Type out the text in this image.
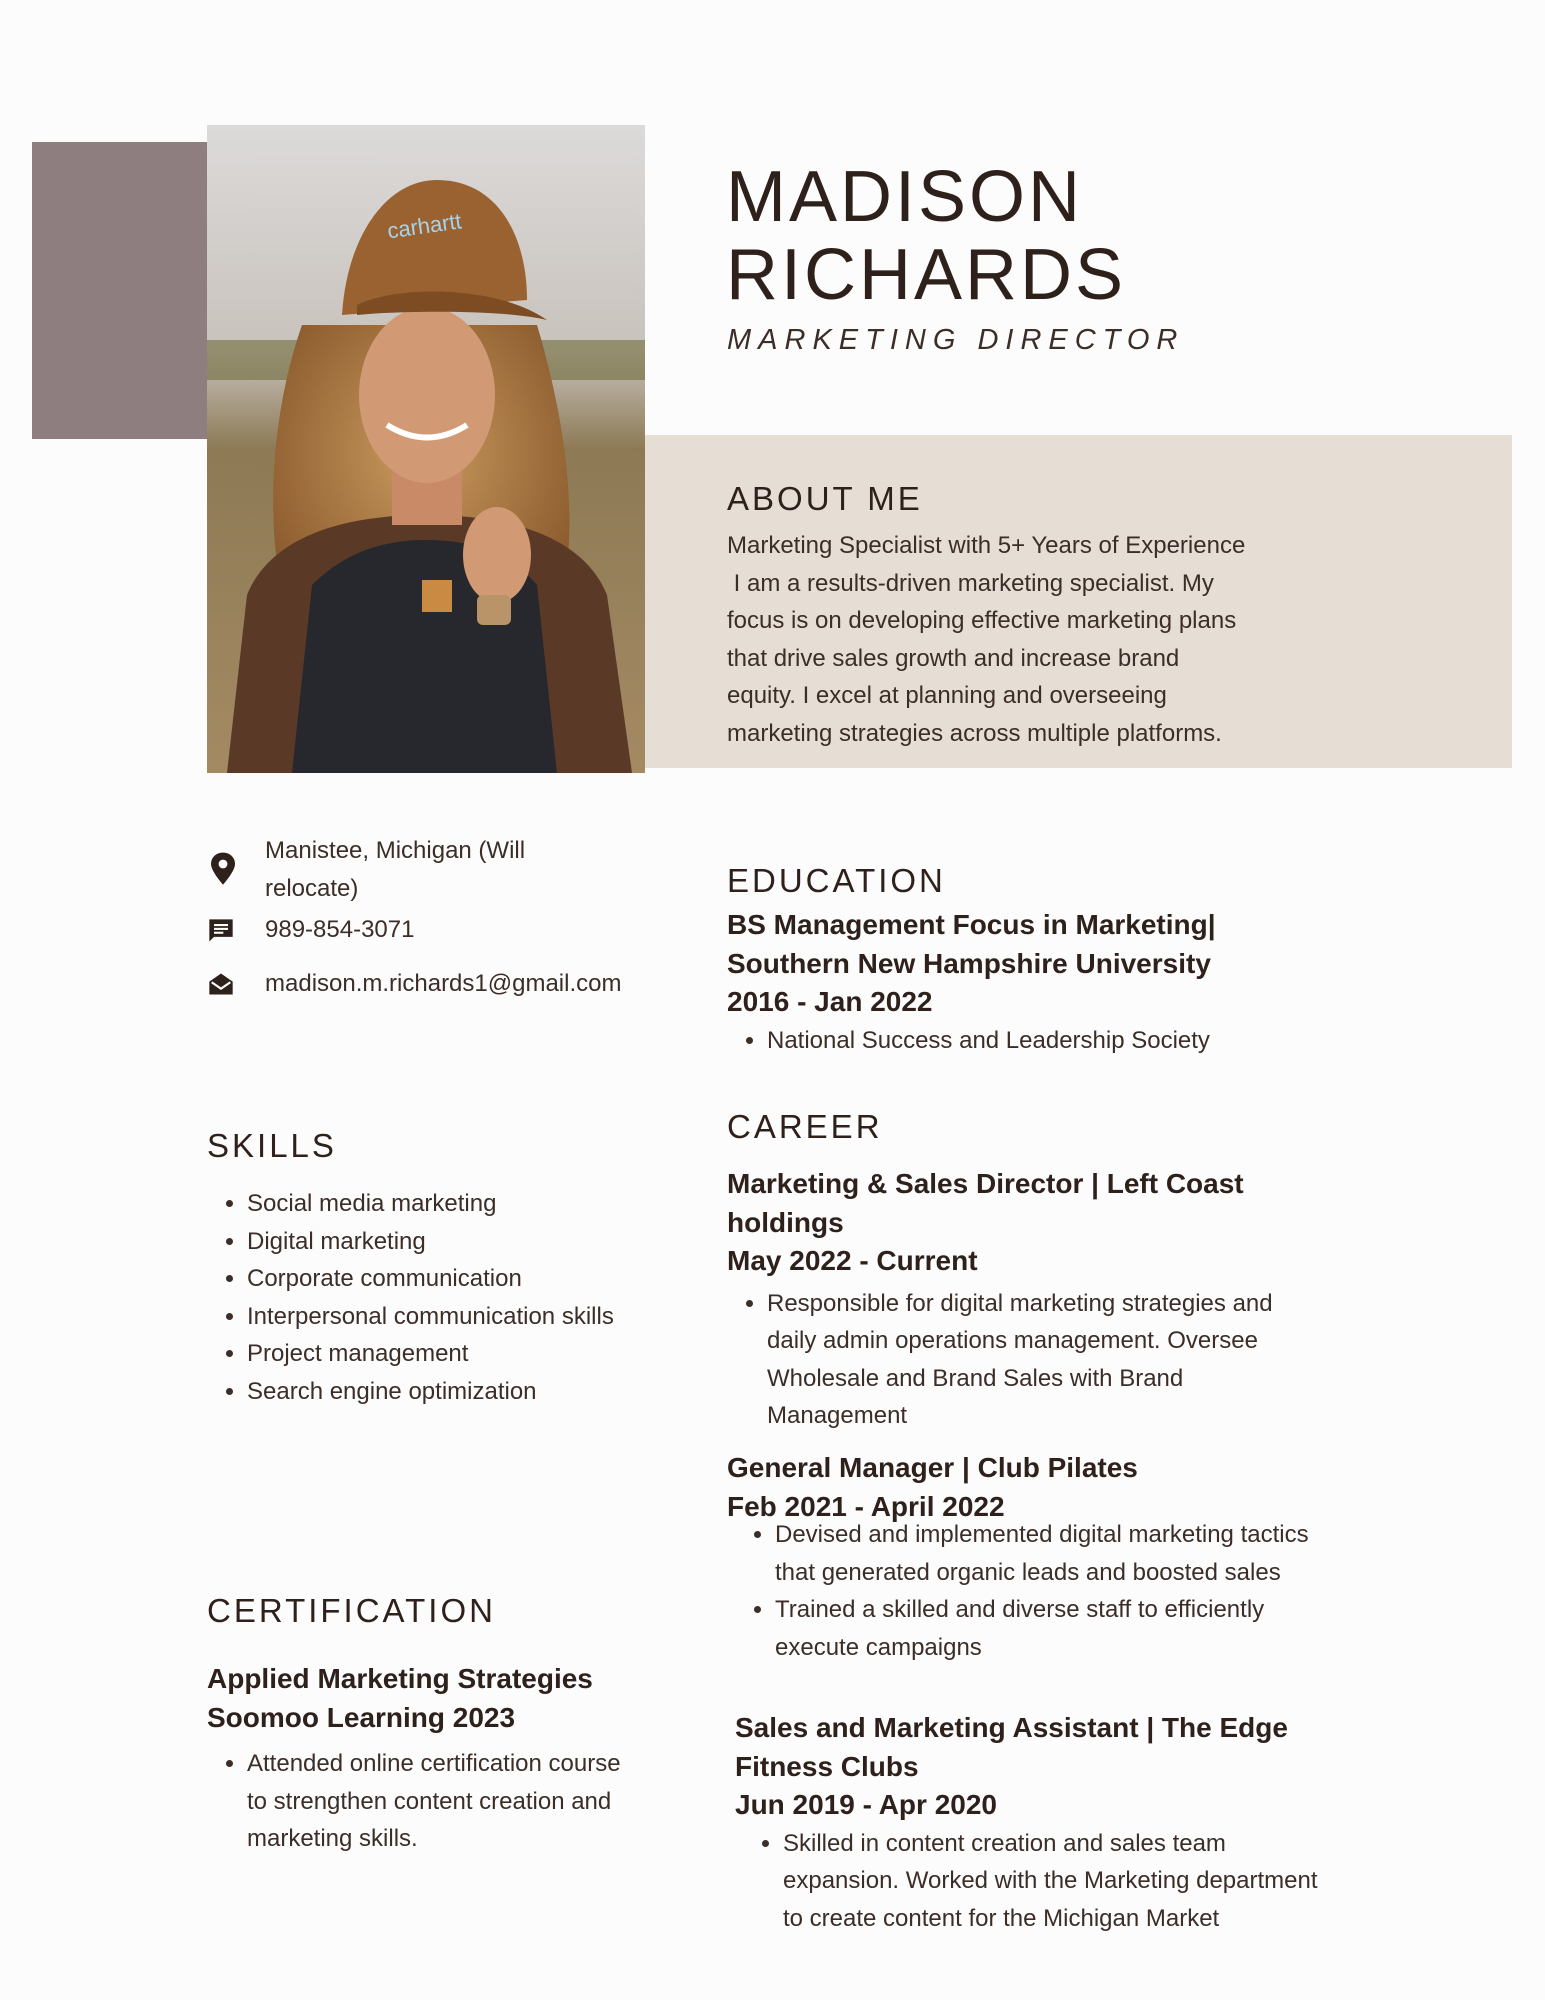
carhartt	MADISON
RICHARDS
MARKETING DIRECTOR
ABOUT ME
Marketing Specialist with 5+ Years of Experience
I am a results-driven marketing specialist. My
focus is on developing effective marketing plans
that drive sales growth and increase brand
equity. I excel at planning and overseeing
marketing strategies across multiple platforms.
Manistee, Michigan (Will relocate)
989-854-3071
madison.m.richards1@gmail.com
SKILLS
• Social media marketing
• Digital marketing
• Corporate communication
• Interpersonal communication skills
• Project management
• Search engine optimization
CERTIFICATION
Applied Marketing Strategies
Soomoo Learning 2023
• Attended online certification course to strengthen content creation and marketing skills.
EDUCATION
BS Management Focus in Marketing|
Southern New Hampshire University
2016 - Jan 2022
• National Success and Leadership Society
CAREER
Marketing & Sales Director | Left Coast holdings
May 2022 - Current
• Responsible for digital marketing strategies and daily admin operations management. Oversee Wholesale and Brand Sales with Brand Management
General Manager | Club Pilates
Feb 2021 - April 2022
• Devised and implemented digital marketing tactics that generated organic leads and boosted sales
• Trained a skilled and diverse staff to efficiently execute campaigns
Sales and Marketing Assistant | The Edge Fitness Clubs
Jun 2019 - Apr 2020
• Skilled in content creation and sales team expansion. Worked with the Marketing department to create content for the Michigan Market
